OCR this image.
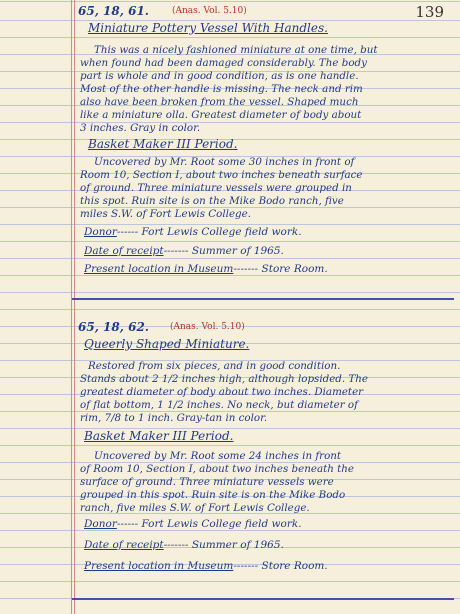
139
65, 18, 61.	(Anas. Vol. 5.10)
Miniature Pottery Vessel With Handles.
This was a nicely fashioned miniature at one time, but
when found had been damaged considerably. The body
part is whole and in good condition, as is one handle.
Most of the other handle is missing. The neck and rim
also have been broken from the vessel. Shaped much
like a miniature olla. Greatest diameter of body about
3 inches. Gray in color.
Basket Maker III Period.
Uncovered by Mr. Root some 30 inches in front of
Room 10, Section I, about two inches beneath surface
of ground. Three miniature vessels were grouped in
this spot. Ruin site is on the Mike Bodo ranch, five
miles S.W. of Fort Lewis College.
Donor------ Fort Lewis College field work.
Date of receipt------- Summer of 1965.
Present location in Museum------- Store Room.
65, 18, 62. (Anas. Vol. 5.10)
Queerly Shaped Miniature.
Restored from six pieces, and in good condition.
Stands about 2 1/2 inches high, although lopsided. The
greatest diameter of body about two inches. Diameter
of flat bottom, 1 1/2 inches. No neck, but diameter of
rim, 7/8 to 1 inch. Gray-tan in color.
Basket Maker III Period.
Uncovered by Mr. Root some 24 inches in front
of Room 10, Section I, about two inches beneath the
surface of ground. Three miniature vessels were
grouped in this spot. Ruin site is on the Mike Bodo
ranch, five miles S.W. of Fort Lewis College.
Donor------ Fort Lewis College field work.
Date of receipt------- Summer of 1965.
Present location in Museum------- Store Room.
